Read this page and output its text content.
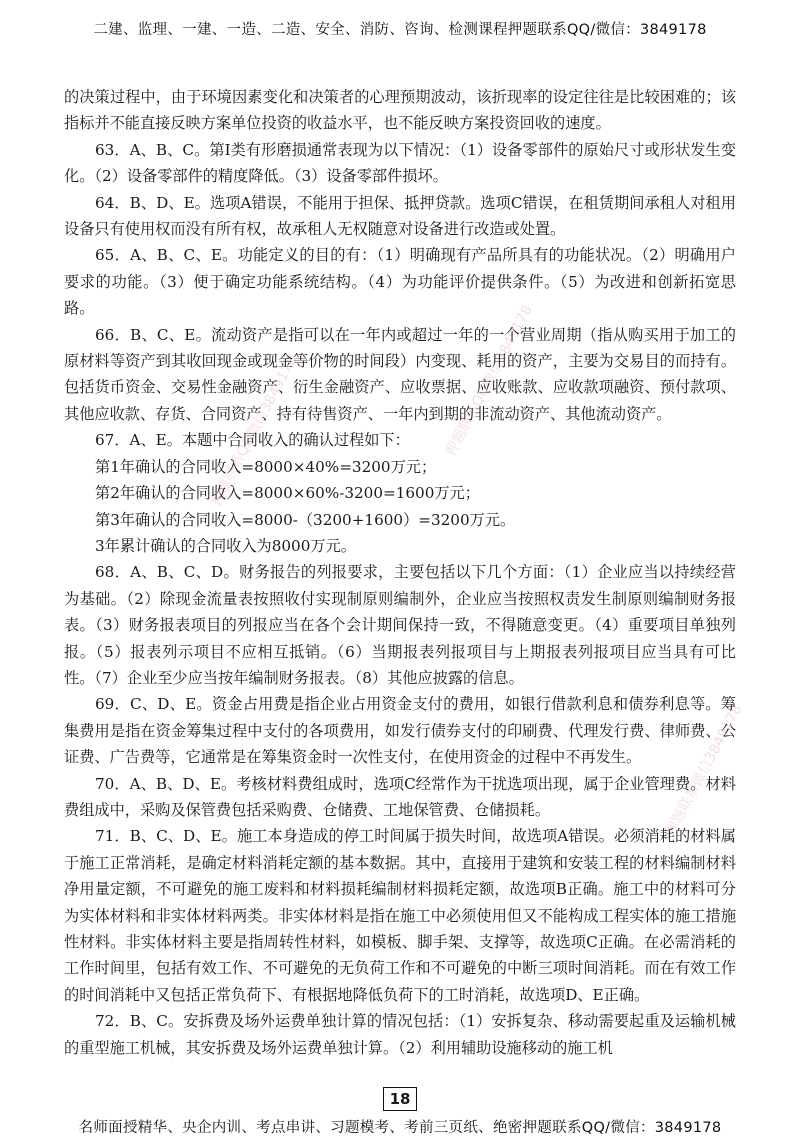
二建、监理、一建、一造、二造、安全、消防、咨询、检测课程押题联系QQ/微信：3849178

的决策过程中，由于环境因素变化和决策者的心理预期波动，该折现率的设定往往是比较困难的；该指标并不能直接反映方案单位投资的收益水平，也不能反映方案投资回收的速度。

63．A、B、C。第Ⅰ类有形磨损通常表现为以下情况：（1）设备零部件的原始尺寸或形状发生变化。（2）设备零部件的精度降低。（3）设备零部件损坏。

64．B、D、E。选项A错误，不能用于担保、抵押贷款。选项C错误，在租赁期间承租人对租用设备只有使用权而没有所有权，故承租人无权随意对设备进行改造或处置。

65．A、B、C、E。功能定义的目的有：（1）明确现有产品所具有的功能状况。（2）明确用户要求的功能。（3）便于确定功能系统结构。（4）为功能评价提供条件。（5）为改进和创新拓宽思路。

66．B、C、E。流动资产是指可以在一年内或超过一年的一个营业周期（指从购买用于加工的原材料等资产到其收回现金或现金等价物的时间段）内变现、耗用的资产，主要为交易目的而持有。包括货币资金、交易性金融资产、衍生金融资产、应收票据、应收账款、应收款项融资、预付款项、其他应收款、存货、合同资产、持有待售资产、一年内到期的非流动资产、其他流动资产。

67．A、E。本题中合同收入的确认过程如下：

第1年确认的合同收入=8000×40%=3200万元；

第2年确认的合同收入=8000×60%-3200=1600万元；

第3年确认的合同收入=8000-（3200+1600）=3200万元。

3年累计确认的合同收入为8000万元。

68．A、B、C、D。财务报告的列报要求，主要包括以下几个方面：（1）企业应当以持续经营为基础。（2）除现金流量表按照收付实现制原则编制外，企业应当按照权责发生制原则编制财务报表。（3）财务报表项目的列报应当在各个会计期间保持一致，不得随意变更。（4）重要项目单独列报。（5）报表列示项目不应相互抵销。（6）当期报表列报项目与上期报表列报项目应当具有可比性。（7）企业至少应当按年编制财务报表。（8）其他应披露的信息。

69．C、D、E。资金占用费是指企业占用资金支付的费用，如银行借款利息和债券利息等。筹集费用是指在资金筹集过程中支付的各项费用，如发行债券支付的印刷费、代理发行费、律师费、公证费、广告费等，它通常是在筹集资金时一次性支付，在使用资金的过程中不再发生。

70．A、B、D、E。考核材料费组成时，选项C经常作为干扰选项出现，属于企业管理费。材料费组成中，采购及保管费包括采购费、仓储费、工地保管费、仓储损耗。

71．B、C、D、E。施工本身造成的停工时间属于损失时间，故选项A错误。必须消耗的材料属于施工正常消耗，是确定材料消耗定额的基本数据。其中，直接用于建筑和安装工程的材料编制材料净用量定额，不可避免的施工废料和材料损耗编制材料损耗定额，故选项B正确。施工中的材料可分为实体材料和非实体材料两类。非实体材料是指在施工中必须使用但又不能构成工程实体的施工措施性材料。非实体材料主要是指周转性材料，如模板、脚手架、支撑等，故选项C正确。在必需消耗的工作时间里，包括有效工作、不可避免的无负荷工作和不可避免的中断三项时间消耗。而在有效工作的时间消耗中又包括正常负荷下、有根据地降低负荷下的工时消耗，故选项D、E正确。

72．B、C。安拆费及场外运费单独计算的情况包括：（1）安拆复杂、移动需要起重及运输机械的重型施工机械，其安拆费及场外运费单独计算。（2）利用辅助设施移动的施工机

押题联系QQ微信3849178	押题联系QQ微信3849178
押题联系微信3849178
18
名师面授精华、央企内训、考点串讲、习题模考、考前三页纸、绝密押题联系QQ/微信：3849178
